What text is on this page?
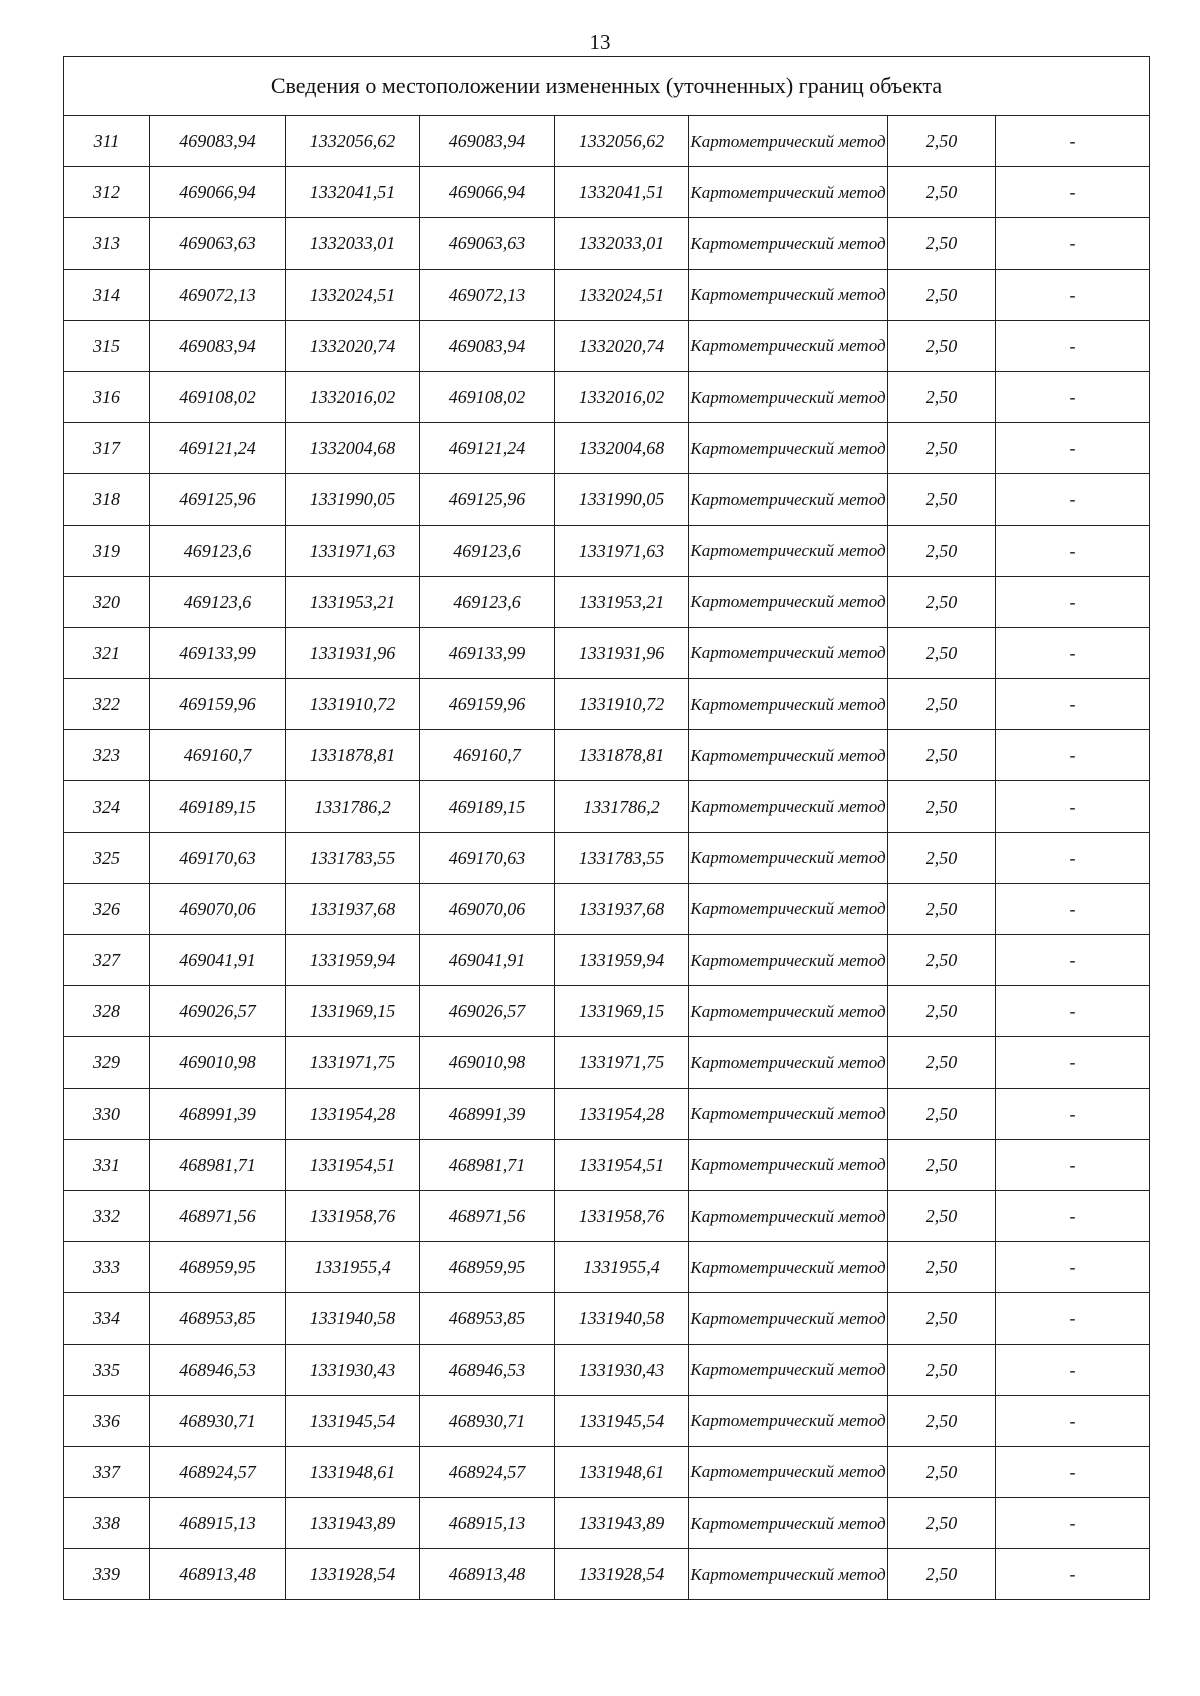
13
Сведения о местоположении измененных (уточненных) границ объекта							
311	469083,94	1332056,62	469083,94	1332056,62	Картометрический метод	2,50	-
312	469066,94	1332041,51	469066,94	1332041,51	Картометрический метод	2,50	-
313	469063,63	1332033,01	469063,63	1332033,01	Картометрический метод	2,50	-
314	469072,13	1332024,51	469072,13	1332024,51	Картометрический метод	2,50	-
315	469083,94	1332020,74	469083,94	1332020,74	Картометрический метод	2,50	-
316	469108,02	1332016,02	469108,02	1332016,02	Картометрический метод	2,50	-
317	469121,24	1332004,68	469121,24	1332004,68	Картометрический метод	2,50	-
318	469125,96	1331990,05	469125,96	1331990,05	Картометрический метод	2,50	-
319	469123,6	1331971,63	469123,6	1331971,63	Картометрический метод	2,50	-
320	469123,6	1331953,21	469123,6	1331953,21	Картометрический метод	2,50	-
321	469133,99	1331931,96	469133,99	1331931,96	Картометрический метод	2,50	-
322	469159,96	1331910,72	469159,96	1331910,72	Картометрический метод	2,50	-
323	469160,7	1331878,81	469160,7	1331878,81	Картометрический метод	2,50	-
324	469189,15	1331786,2	469189,15	1331786,2	Картометрический метод	2,50	-
325	469170,63	1331783,55	469170,63	1331783,55	Картометрический метод	2,50	-
326	469070,06	1331937,68	469070,06	1331937,68	Картометрический метод	2,50	-
327	469041,91	1331959,94	469041,91	1331959,94	Картометрический метод	2,50	-
328	469026,57	1331969,15	469026,57	1331969,15	Картометрический метод	2,50	-
329	469010,98	1331971,75	469010,98	1331971,75	Картометрический метод	2,50	-
330	468991,39	1331954,28	468991,39	1331954,28	Картометрический метод	2,50	-
331	468981,71	1331954,51	468981,71	1331954,51	Картометрический метод	2,50	-
332	468971,56	1331958,76	468971,56	1331958,76	Картометрический метод	2,50	-
333	468959,95	1331955,4	468959,95	1331955,4	Картометрический метод	2,50	-
334	468953,85	1331940,58	468953,85	1331940,58	Картометрический метод	2,50	-
335	468946,53	1331930,43	468946,53	1331930,43	Картометрический метод	2,50	-
336	468930,71	1331945,54	468930,71	1331945,54	Картометрический метод	2,50	-
337	468924,57	1331948,61	468924,57	1331948,61	Картометрический метод	2,50	-
338	468915,13	1331943,89	468915,13	1331943,89	Картометрический метод	2,50	-
339	468913,48	1331928,54	468913,48	1331928,54	Картометрический метод	2,50	-
